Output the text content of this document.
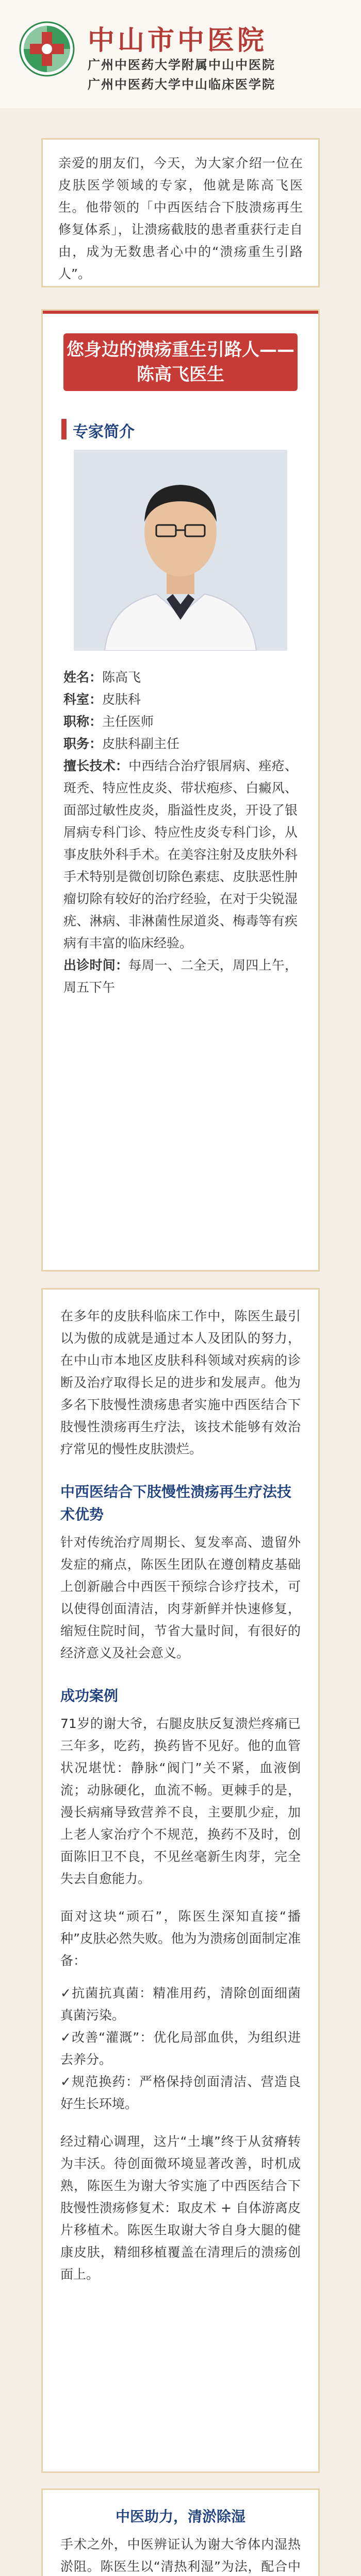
中山市中医院
广州中医药大学附属中山中医院
广州中医药大学中山临床医学院

亲爱的朋友们，今天，为大家介绍一位在皮肤医学领域的专家，他就是陈高飞医生。他带领的「中西医结合下肢溃疡再生修复体系」，让溃疡截肢的患者重获行走自由，成为无数患者心中的“溃疡重生引路人”。

您身边的溃疡重生引路人——
陈高飞医生
专家简介

姓名：陈高飞

科室：皮肤科

职称：主任医师

职务：皮肤科副主任

擅长技术：中西结合治疗银屑病、痤疮、斑秃、特应性皮炎、带状疱疹、白癜风、面部过敏性皮炎，脂溢性皮炎，开设了银屑病专科门诊、特应性皮炎专科门诊，从事皮肤外科手术。在美容注射及皮肤外科手术特别是微创切除色素痣、皮肤恶性肿瘤切除有较好的治疗经验，在对于尖锐湿疣、淋病、非淋菌性尿道炎、梅毒等有疾病有丰富的临床经验。

出诊时间：每周一、二全天，周四上午，周五下午

在多年的皮肤科临床工作中，陈医生最引以为傲的成就是通过本人及团队的努力，在中山市本地区皮肤科科领域对疾病的诊断及治疗取得长足的进步和发展声。他为多名下肢慢性溃疡患者实施中西医结合下肢慢性溃疡再生疗法，该技术能够有效治疗常见的慢性皮肤溃烂。

中西医结合下肢慢性溃疡再生疗法技术优势

针对传统治疗周期长、复发率高、遗留外发症的痛点，陈医生团队在遵创精皮基础上创新融合中西医干预综合诊疗技术，可以使得创面清洁，肉芽新鲜并快速修复，缩短住院时间，节省大量时间，有很好的经济意义及社会意义。

成功案例

71岁的谢大爷，右腿皮肤反复溃烂疼痛已三年多，吃药，换药皆不见好。他的血管状况堪忧：静脉“阀门”关不紧，血液倒流；动脉硬化，血流不畅。更棘手的是，漫长病痛导致营养不良，主要肌少症，加上老人家治疗个不规范，换药不及时，创面陈旧卫不良，不见丝毫新生肉芽，完全失去自愈能力。

面对这块“顽石”，陈医生深知直接“播种”皮肤必然失败。他为为溃疡创面制定准备：

✓抗菌抗真菌：精准用药，清除创面细菌真菌污染。

✓改善“灌溉”：优化局部血供，为组织进去养分。

✓规范换药：严格保持创面清洁、营造良好生长环境。

经过精心调理，这片“土壤”终于从贫瘠转为丰沃。待创面微环境显著改善，时机成熟，陈医生为谢大爷实施了中西医结合下肢慢性溃疡修复术：取皮术 + 自体游离皮片移植术。陈医生取谢大爷自身大腿的健康皮肤，精细移植覆盖在清理后的溃疡创面上。

中医助力，清淤除湿

手术之外，中医辨证认为谢大爷体内湿热淤阻。陈医生以“清热利湿”为法，配合中
